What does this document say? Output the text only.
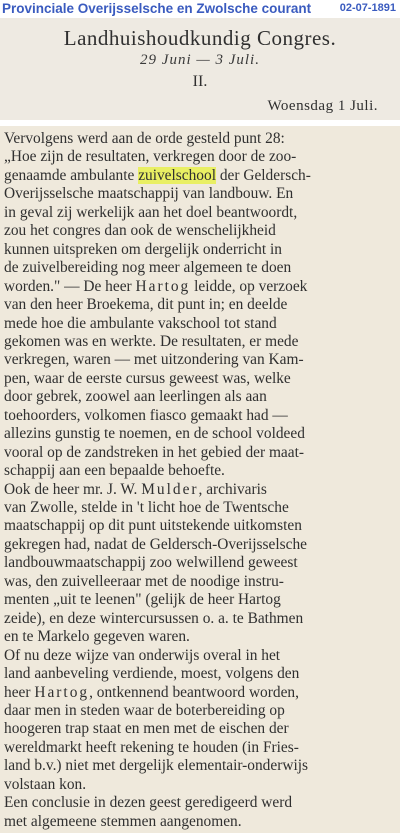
Provinciale Overijsselsche en Zwolsche courant	02-07-1891
Landhuishoudkundig Congres.
29 Juni — 3 Juli.
II.
Woensdag 1 Juli.
Vervolgens werd aan de orde gesteld punt 28:
„Hoe zijn de resultaten, verkregen door de zoo-
genaamde ambulante zuivelschool der Geldersch-
Overijsselsche maatschappij van landbouw. En
in geval zij werkelijk aan het doel beantwoordt,
zou het congres dan ook de wenschelijkheid
kunnen uitspreken om dergelijk onderricht in
de zuivelbereiding nog meer algemeen te doen
worden." — De heer Hartog leidde, op verzoek
van den heer Broekema, dit punt in; en deelde
mede hoe die ambulante vakschool tot stand
gekomen was en werkte. De resultaten, er mede
verkregen, waren — met uitzondering van Kam-
pen, waar de eerste cursus geweest was, welke
door gebrek, zoowel aan leerlingen als aan
toehoorders, volkomen fiasco gemaakt had —
allezins gunstig te noemen, en de school voldeed
vooral op de zandstreken in het gebied der maat-
schappij aan een bepaalde behoefte.
Ook de heer mr. J. W. Mulder, archivaris
van Zwolle, stelde in 't licht hoe de Twentsche
maatschappij op dit punt uitstekende uitkomsten
gekregen had, nadat de Geldersch-Overijsselsche
landbouwmaatschappij zoo welwillend geweest
was, den zuivelleeraar met de noodige instru-
menten „uit te leenen" (gelijk de heer Hartog
zeide), en deze wintercursussen o. a. te Bathmen
en te Markelo gegeven waren.
Of nu deze wijze van onderwijs overal in het
land aanbeveling verdiende, moest, volgens den
heer Hartog, ontkennend beantwoord worden,
daar men in steden waar de boterbereiding op
hoogeren trap staat en men met de eischen der
wereldmarkt heeft rekening te houden (in Fries-
land b.v.) niet met dergelijk elementair-onderwijs
volstaan kon.
Een conclusie in dezen geest geredigeerd werd
met algemeene stemmen aangenomen.
